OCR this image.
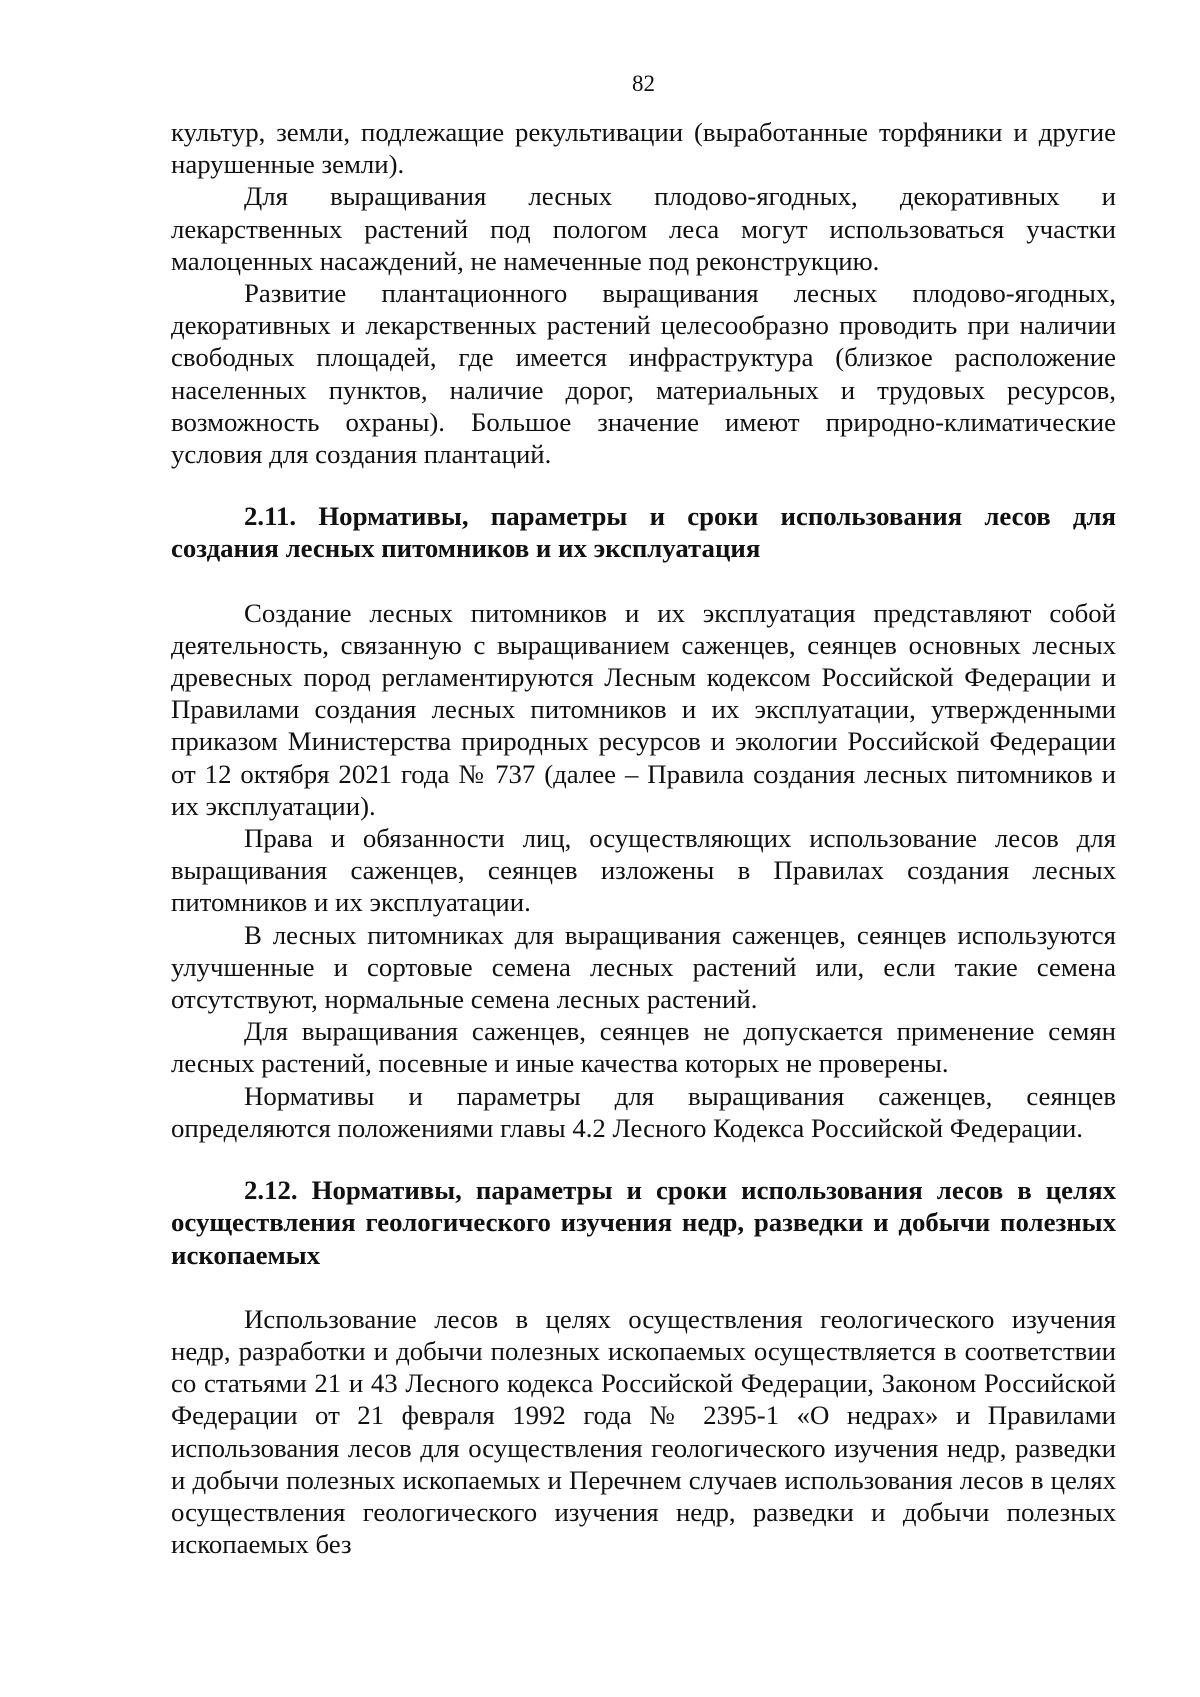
82

культур, земли, подлежащие рекультивации (выработанные торфяники и другие нарушенные земли).

Для выращивания лесных плодово-ягодных, декоративных и лекарственных растений под пологом леса могут использоваться участки малоценных насаждений, не намеченные под реконструкцию.

Развитие плантационного выращивания лесных плодово-ягодных, декоративных и лекарственных растений целесообразно проводить при наличии свободных площадей, где имеется инфраструктура (близкое расположение населенных пунктов, наличие дорог, материальных и трудовых ресурсов, возможность охраны). Большое значение имеют природно-климатические условия для создания плантаций.

2.11. Нормативы, параметры и сроки использования лесов для создания лесных питомников и их эксплуатация

Создание лесных питомников и их эксплуатация представляют собой деятельность, связанную с выращиванием саженцев, сеянцев основных лесных древесных пород регламентируются Лесным кодексом Российской Федерации и Правилами создания лесных питомников и их эксплуатации, утвержденными приказом Министерства природных ресурсов и экологии Российской Федерации от 12 октября 2021 года № 737 (далее – Правила создания лесных питомников и их эксплуатации).

Права и обязанности лиц, осуществляющих использование лесов для выращивания саженцев, сеянцев изложены в Правилах создания лесных питомников и их эксплуатации.

В лесных питомниках для выращивания саженцев, сеянцев используются улучшенные и сортовые семена лесных растений или, если такие семена отсутствуют, нормальные семена лесных растений.

Для выращивания саженцев, сеянцев не допускается применение семян лесных растений, посевные и иные качества которых не проверены.

Нормативы и параметры для выращивания саженцев, сеянцев определяются положениями главы 4.2 Лесного Кодекса Российской Федерации.

2.12. Нормативы, параметры и сроки использования лесов в целях осуществления геологического изучения недр, разведки и добычи полезных ископаемых

Использование лесов в целях осуществления геологического изучения недр, разработки и добычи полезных ископаемых осуществляется в соответствии со статьями 21 и 43 Лесного кодекса Российской Федерации, Законом Российской Федерации от 21 февраля 1992 года № 2395-1 «О недрах» и Правилами использования лесов для осуществления геологического изучения недр, разведки и добычи полезных ископаемых и Перечнем случаев использования лесов в целях осуществления геологического изучения недр, разведки и добычи полезных ископаемых без
